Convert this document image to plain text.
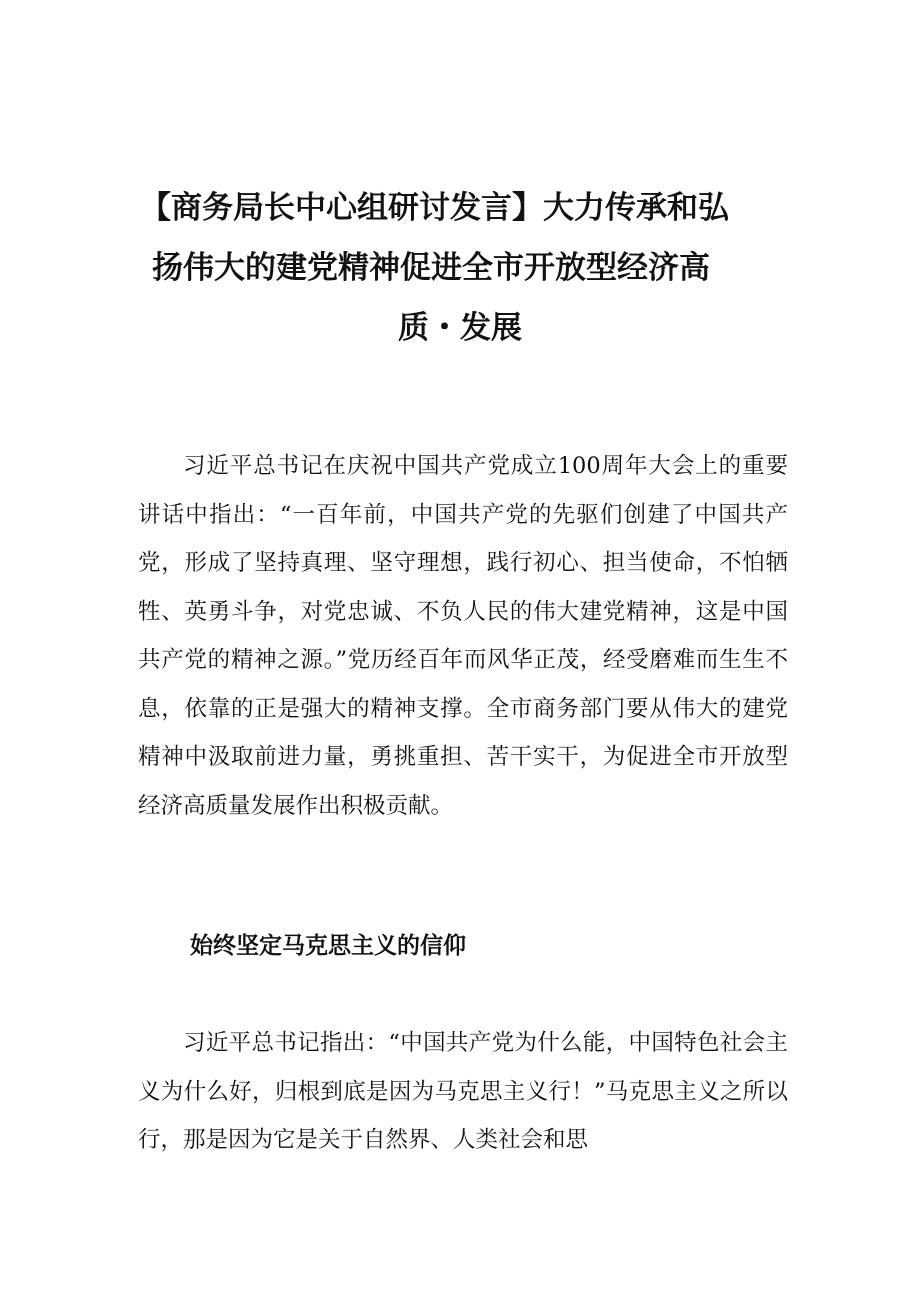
【商务局长中心组研讨发言】大力传承和弘
扬伟大的建党精神促进全市开放型经济高
质・发展

习近平总书记在庆祝中国共产党成立100周年大会上的重要讲话中指出：“一百年前，中国共产党的先驱们创建了中国共产党，形成了坚持真理、坚守理想，践行初心、担当使命，不怕牺牲、英勇斗争，对党忠诚、不负人民的伟大建党精神，这是中国共产党的精神之源。”党历经百年而风华正茂，经受磨难而生生不息，依靠的正是强大的精神支撑。全市商务部门要从伟大的建党精神中汲取前进力量，勇挑重担、苦干实干，为促进全市开放型经济高质量发展作出积极贡献。

始终坚定马克思主义的信仰

习近平总书记指出：“中国共产党为什么能，中国特色社会主义为什么好，归根到底是因为马克思主义行！”马克思主义之所以行，那是因为它是关于自然界、人类社会和思
